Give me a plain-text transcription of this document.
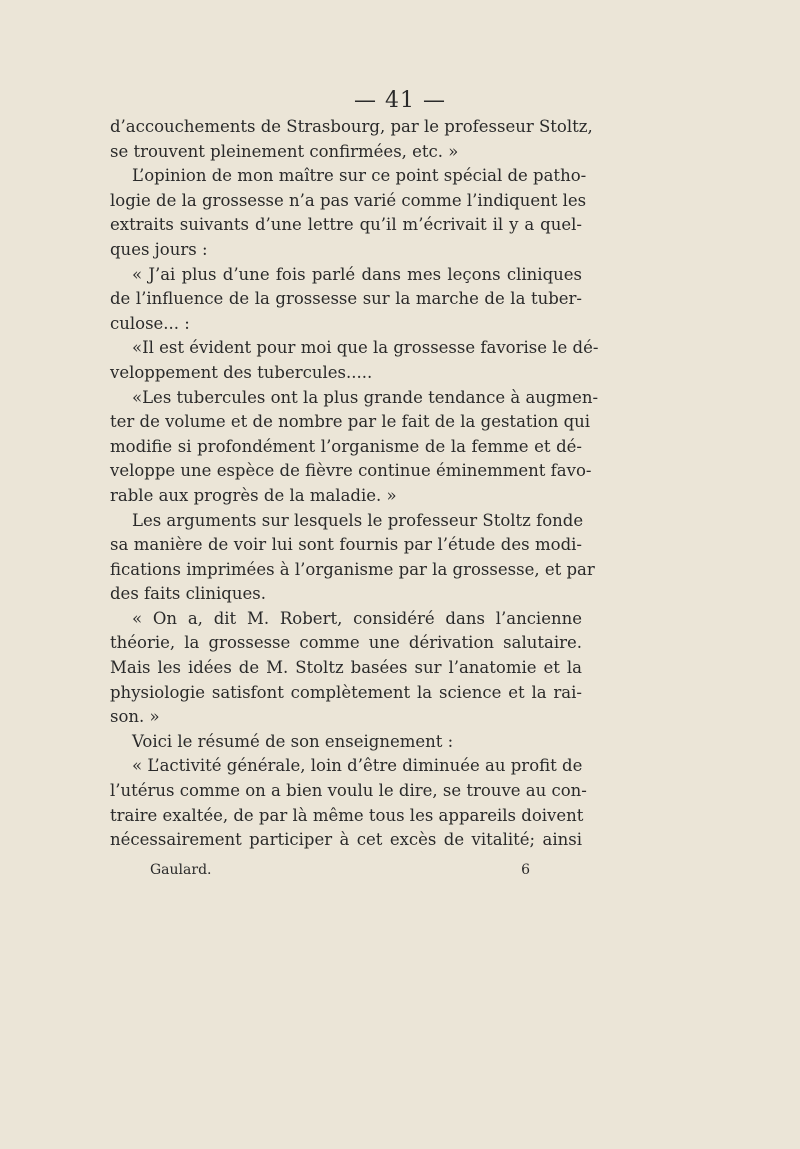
— 41 —
d’accouchements de Strasbourg, par le professeur Stoltz,
se trouvent pleinement confirmées, etc. »
L’opinion de mon maître sur ce point spécial de patho-
logie de la grossesse n’a pas varié comme l’indiquent les
extraits suivants d’une lettre qu’il m’écrivait il y a quel-
ques jours :
« J’ai plus d’une fois parlé dans mes leçons cliniques
de l’influence de la grossesse sur la marche de la tuber-
culose... :
«Il est évident pour moi que la grossesse favorise le dé-
veloppement des tubercules.....
«Les tubercules ont la plus grande tendance à augmen-
ter de volume et de nombre par le fait de la gestation qui
modifie si profondément l’organisme de la femme et dé-
veloppe une espèce de fièvre continue éminemment favo-
rable aux progrès de la maladie. »
Les arguments sur lesquels le professeur Stoltz fonde
sa manière de voir lui sont fournis par l’étude des modi-
fications imprimées à l’organisme par la grossesse, et par
des faits cliniques.
« On a, dit M. Robert, considéré dans l’ancienne
théorie, la grossesse comme une dérivation salutaire.
Mais les idées de M. Stoltz basées sur l’anatomie et la
physiologie satisfont complètement la science et la rai-
son. »
Voici le résumé de son enseignement :
« L’activité générale, loin d’être diminuée au profit de
l’utérus comme on a bien voulu le dire, se trouve au con-
traire exaltée, de par là même tous les appareils doivent
nécessairement participer à cet excès de vitalité; ainsi
Gaulard.	6
